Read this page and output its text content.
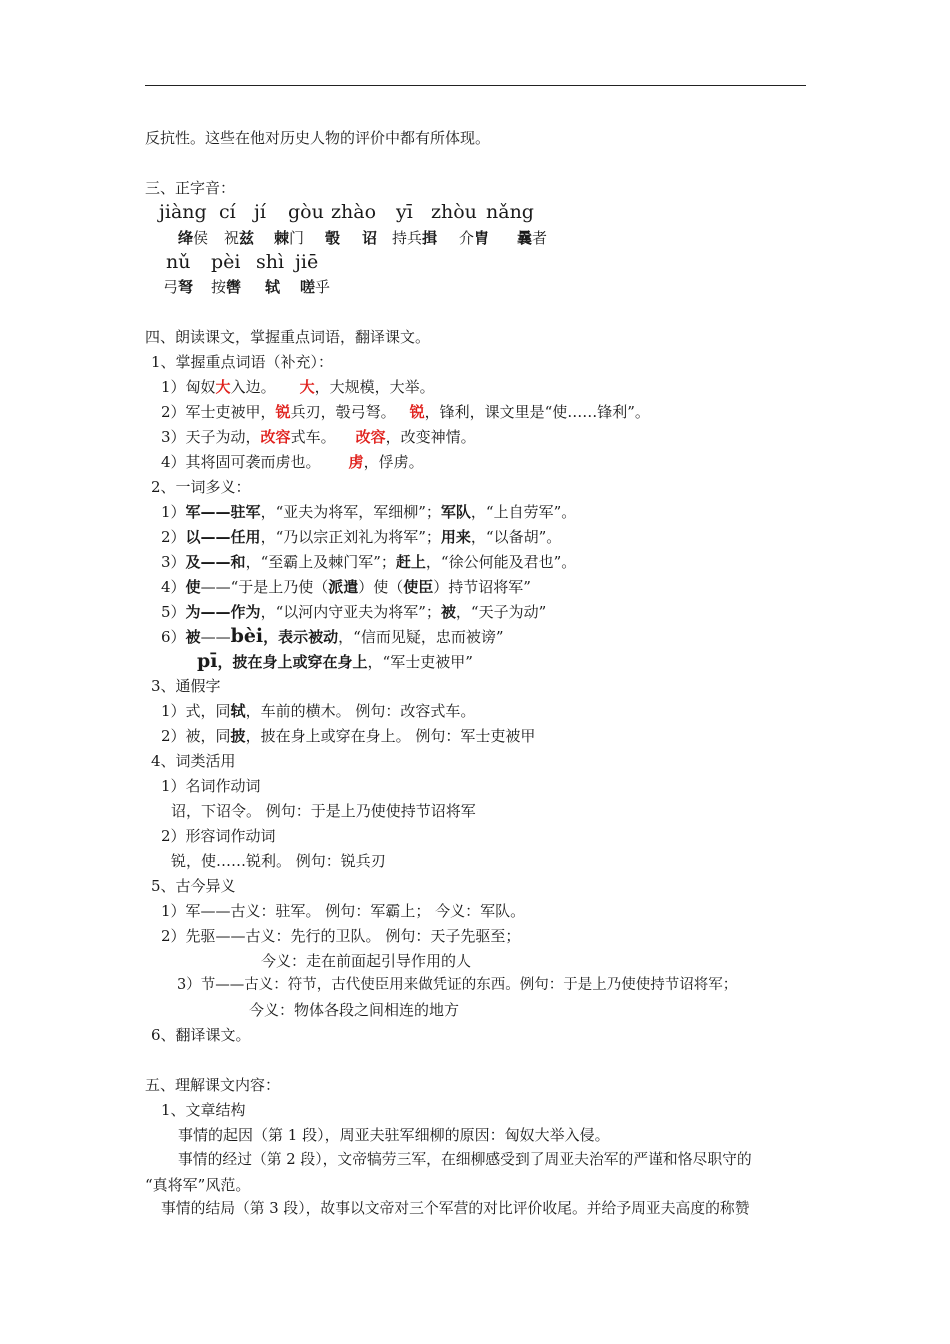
反抗性。这些在他对历史人物的评价中都有所体现。
三、正字音：
jiàng cí jí gòu zhào yī zhòu nǎng
绛侯 祝兹 棘门 彀 诏 持兵揖 介胄 曩者
nǔ pèi shì jiē
弓弩 按辔 轼 嗟乎
四、朗读课文，掌握重点词语，翻译课文。
1、掌握重点词语（补充）：
1）匈奴大入边。 大，大规模，大举。
2）军士吏被甲，锐兵刃，彀弓弩。 锐，锋利，课文里是“使……锋利”。
3）天子为动，改容式车。 改容，改变神情。
4）其将固可袭而虏也。 虏，俘虏。
2、一词多义：
1）军——驻军，“亚夫为将军，军细柳”；军队，“上自劳军”。
2）以——任用，“乃以宗正刘礼为将军”；用来，“以备胡”。
3）及——和，“至霸上及棘门军”；赶上，“徐公何能及君也”。
4）使——“于是上乃使（派遣）使（使臣）持节诏将军”
5）为——作为，“以河内守亚夫为将军”；被，“天子为动”
6）被——bèi，表示被动，“信而见疑，忠而被谤”
pī，披在身上或穿在身上，“军士吏被甲”
3、通假字
1）式，同轼，车前的横木。 例句：改容式车。
2）被，同披，披在身上或穿在身上。 例句：军士吏被甲
4、词类活用
1）名词作动词
诏，下诏令。 例句：于是上乃使使持节诏将军
2）形容词作动词
锐，使……锐利。 例句：锐兵刃
5、古今异义
1）军——古义：驻军。 例句：军霸上； 今义：军队。
2）先驱——古义：先行的卫队。 例句：天子先驱至；
今义：走在前面起引导作用的人
3）节——古义：符节，古代使臣用来做凭证的东西。例句：于是上乃使使持节诏将军；
今义：物体各段之间相连的地方
6、翻译课文。
五、理解课文内容：
1、文章结构
事情的起因（第 1 段），周亚夫驻军细柳的原因：匈奴大举入侵。
事情的经过（第 2 段），文帝犒劳三军，在细柳感受到了周亚夫治军的严谨和恪尽职守的
“真将军”风范。
事情的结局（第 3 段），故事以文帝对三个军营的对比评价收尾。并给予周亚夫高度的称赞
